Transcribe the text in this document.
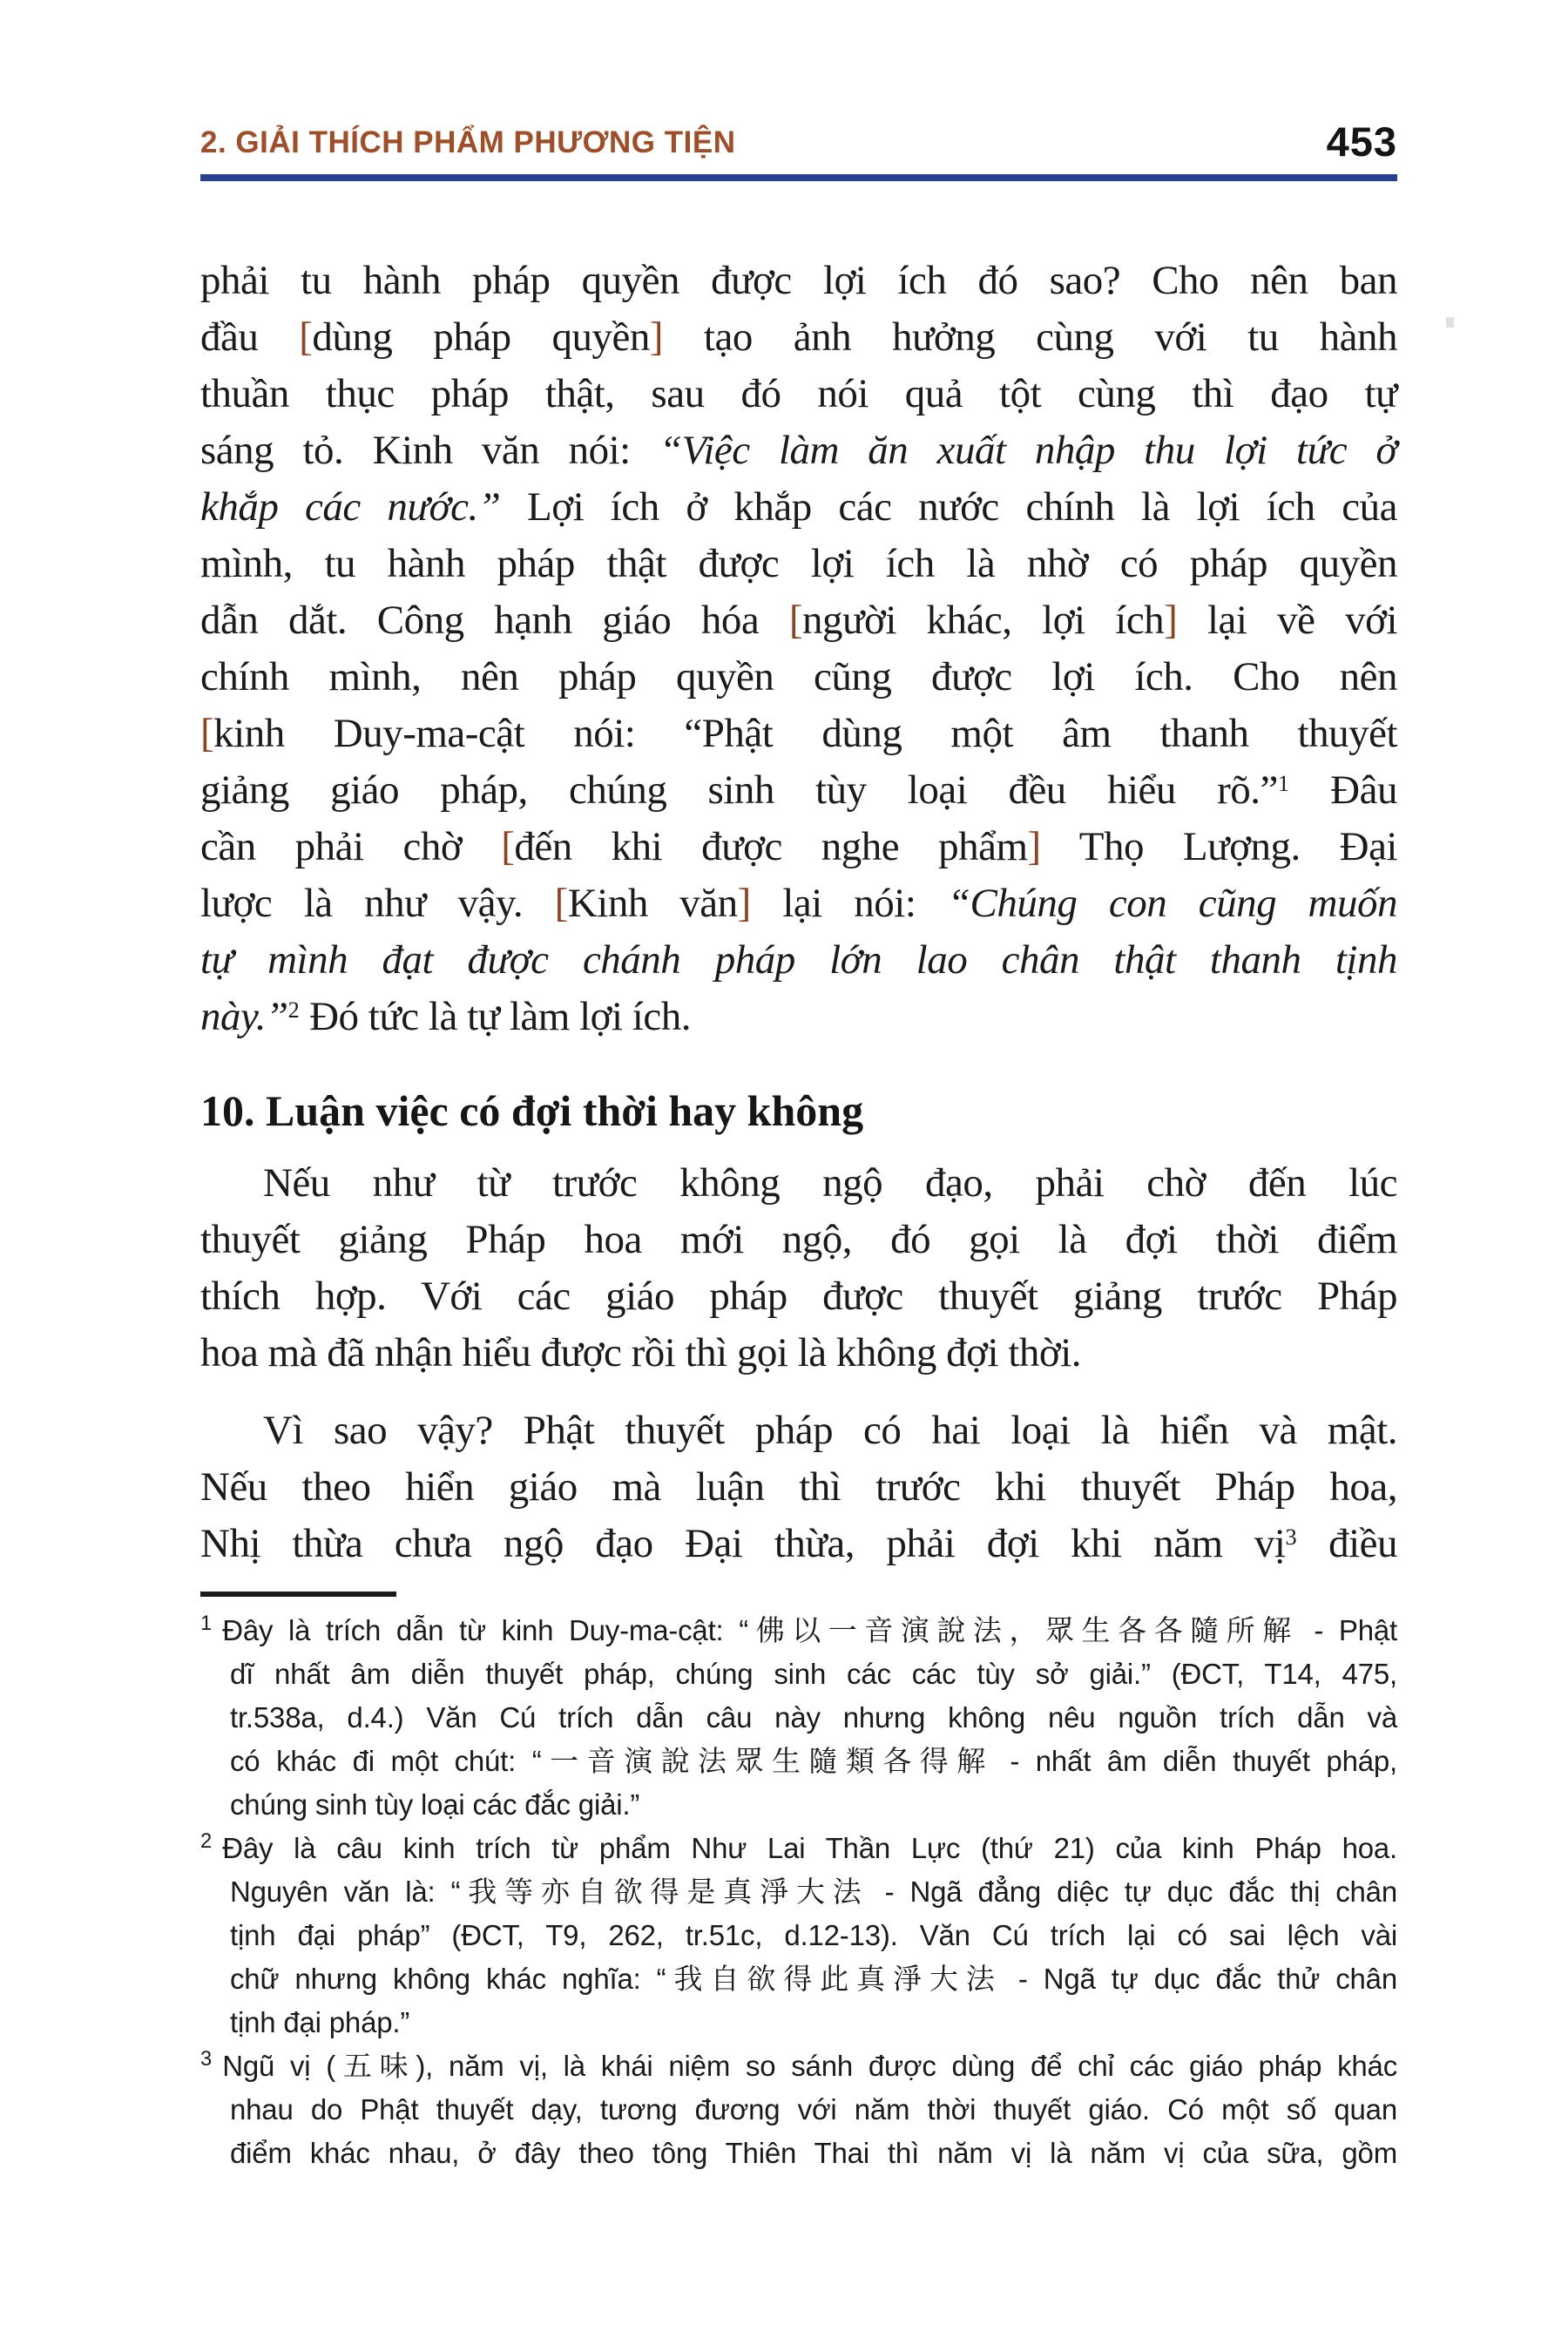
2. GIẢI THÍCH PHẨM PHƯƠNG TIỆN	453
phải tu hành pháp quyền được lợi ích đó sao? Cho nên ban
đầu [dùng pháp quyền] tạo ảnh hưởng cùng với tu hành
thuần thục pháp thật, sau đó nói quả tột cùng thì đạo tự
sáng tỏ. Kinh văn nói: “Việc làm ăn xuất nhập thu lợi tức ở
khắp các nước.” Lợi ích ở khắp các nước chính là lợi ích của
mình, tu hành pháp thật được lợi ích là nhờ có pháp quyền
dẫn dắt. Công hạnh giáo hóa [người khác, lợi ích] lại về với
chính mình, nên pháp quyền cũng được lợi ích. Cho nên
[kinh Duy-ma-cật nói: “Phật dùng một âm thanh thuyết
giảng giáo pháp, chúng sinh tùy loại đều hiểu rõ.”$^1$ Đâu
cần phải chờ [đến khi được nghe phẩm] Thọ Lượng. Đại
lược là như vậy. [Kinh văn] lại nói: “Chúng con cũng muốn
tự mình đạt được chánh pháp lớn lao chân thật thanh tịnh
này.”$^2$ Đó tức là tự làm lợi ích.
10. Luận việc có đợi thời hay không
Nếu như từ trước không ngộ đạo, phải chờ đến lúc
thuyết giảng Pháp hoa mới ngộ, đó gọi là đợi thời điểm
thích hợp. Với các giáo pháp được thuyết giảng trước Pháp
hoa mà đã nhận hiểu được rồi thì gọi là không đợi thời.
Vì sao vậy? Phật thuyết pháp có hai loại là hiển và mật.
Nếu theo hiển giáo mà luận thì trước khi thuyết Pháp hoa,
Nhị thừa chưa ngộ đạo Đại thừa, phải đợi khi năm vị$^3$ điều
$^1$ Đây là trích dẫn từ kinh Duy-ma-cật: “佛以一音演說法，眾生各各隨所解 - Phật
dĩ nhất âm diễn thuyết pháp, chúng sinh các các tùy sở giải.” (ĐCT, T14, 475,
tr.538a, d.4.) Văn Cú trích dẫn câu này nhưng không nêu nguồn trích dẫn và
có khác đi một chút: “一音演說法眾生隨類各得解 - nhất âm diễn thuyết pháp,
chúng sinh tùy loại các đắc giải.”
$^2$ Đây là câu kinh trích từ phẩm Như Lai Thần Lực (thứ 21) của kinh Pháp hoa.
Nguyên văn là: “我等亦自欲得是真淨大法 - Ngã đẳng diệc tự dục đắc thị chân
tịnh đại pháp” (ĐCT, T9, 262, tr.51c, d.12-13). Văn Cú trích lại có sai lệch vài
chữ nhưng không khác nghĩa: “我自欲得此真淨大法 - Ngã tự dục đắc thử chân
tịnh đại pháp.”
$^3$ Ngũ vị (五味), năm vị, là khái niệm so sánh được dùng để chỉ các giáo pháp khác
nhau do Phật thuyết dạy, tương đương với năm thời thuyết giáo. Có một số quan
điểm khác nhau, ở đây theo tông Thiên Thai thì năm vị là năm vị của sữa, gồm
